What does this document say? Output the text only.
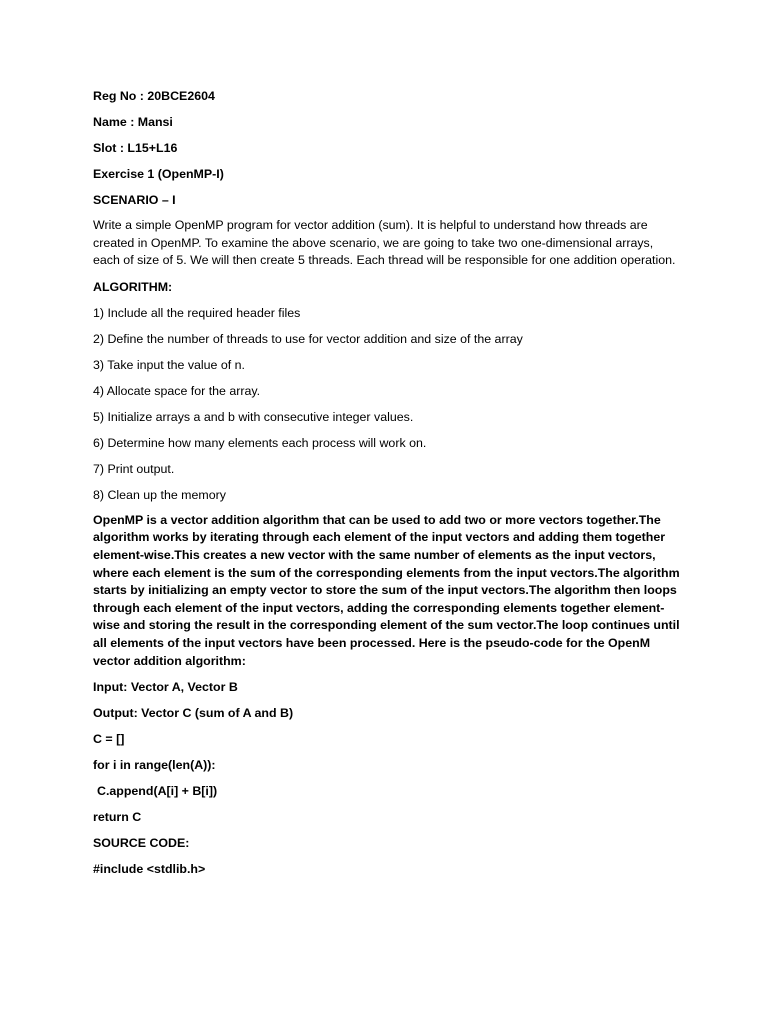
Reg No : 20BCE2604
Name : Mansi
Slot : L15+L16
Exercise 1 (OpenMP-I)
SCENARIO – I

Write a simple OpenMP program for vector addition (sum). It is helpful to understand how threads are created in OpenMP. To examine the above scenario, we are going to take two one-dimensional arrays, each of size of 5. We will then create 5 threads. Each thread will be responsible for one addition operation.

ALGORITHM:
1) Include all the required header files
2) Define the number of threads to use for vector addition and size of the array
3) Take input the value of n.
4) Allocate space for the array.
5) Initialize arrays a and b with consecutive integer values.
6) Determine how many elements each process will work on.
7) Print output.
8) Clean up the memory

OpenMP is a vector addition algorithm that can be used to add two or more vectors together.The algorithm works by iterating through each element of the input vectors and adding them together element-wise.This creates a new vector with the same number of elements as the input vectors, where each element is the sum of the corresponding elements from the input vectors.The algorithm starts by initializing an empty vector to store the sum of the input vectors.The algorithm then loops through each element of the input vectors, adding the corresponding elements together element-wise and storing the result in the corresponding element of the sum vector.The loop continues until all elements of the input vectors have been processed. Here is the pseudo-code for the OpenM vector addition algorithm:

Input: Vector A, Vector B
Output: Vector C (sum of A and B)
C = []
for i in range(len(A)):
C.append(A[i] + B[i])
return C
SOURCE CODE:
#include <stdlib.h>
